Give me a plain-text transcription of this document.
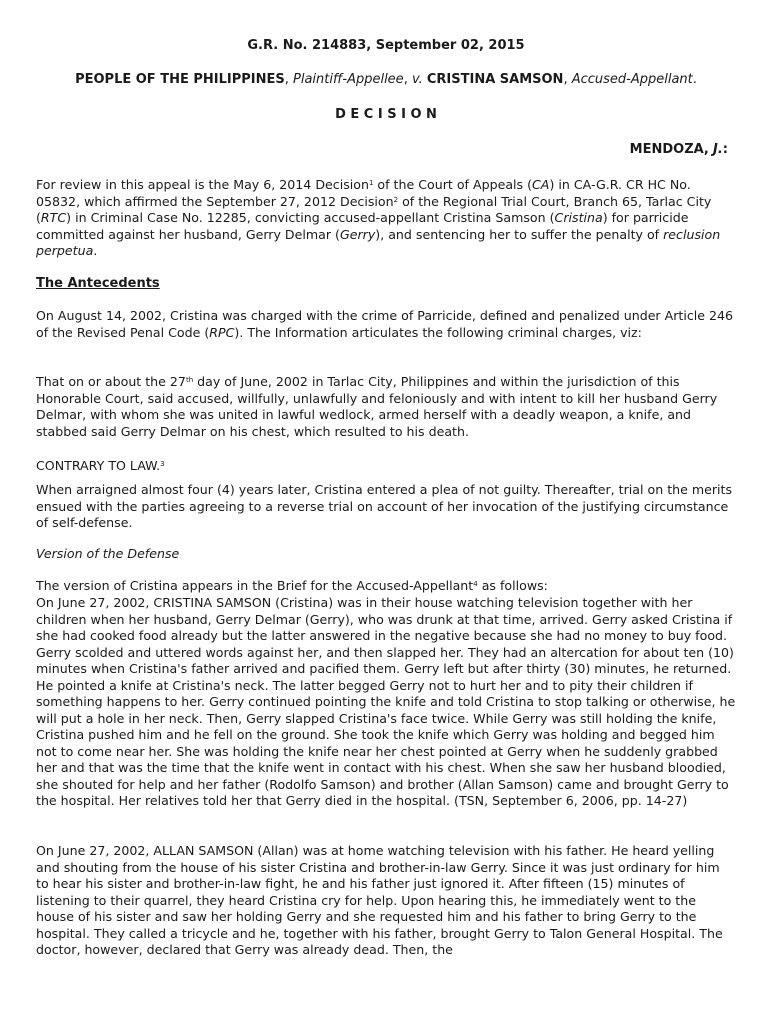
G.R. No. 214883, September 02, 2015
PEOPLE OF THE PHILIPPINES, Plaintiff-Appellee, v. CRISTINA SAMSON, Accused-Appellant.
D E C I S I O N
MENDOZA, J.:

For review in this appeal is the May 6, 2014 Decision$^1$ of the Court of Appeals (CA) in CA-G.R. CR HC No. 05832, which affirmed the September 27, 2012 Decision$^2$ of the Regional Trial Court, Branch 65, Tarlac City (RTC) in Criminal Case No. 12285, convicting accused-appellant Cristina Samson (Cristina) for parricide committed against her husband, Gerry Delmar (Gerry), and sentencing her to suffer the penalty of reclusion perpetua.

The Antecedents

On August 14, 2002, Cristina was charged with the crime of Parricide, defined and penalized under Article 246 of the Revised Penal Code (RPC). The Information articulates the following criminal charges, viz:

That on or about the 27th day of June, 2002 in Tarlac City, Philippines and within the jurisdiction of this Honorable Court, said accused, willfully, unlawfully and feloniously and with intent to kill her husband Gerry Delmar, with whom she was united in lawful wedlock, armed herself with a deadly weapon, a knife, and stabbed said Gerry Delmar on his chest, which resulted to his death.

CONTRARY TO LAW.$^3$

When arraigned almost four (4) years later, Cristina entered a plea of not guilty. Thereafter, trial on the merits ensued with the parties agreeing to a reverse trial on account of her invocation of the justifying circumstance of self-defense.

Version of the Defense

The version of Cristina appears in the Brief for the Accused-Appellant$^4$ as follows:

On June 27, 2002, CRISTINA SAMSON (Cristina) was in their house watching television together with her children when her husband, Gerry Delmar (Gerry), who was drunk at that time, arrived. Gerry asked Cristina if she had cooked food already but the latter answered in the negative because she had no money to buy food. Gerry scolded and uttered words against her, and then slapped her. They had an altercation for about ten (10) minutes when Cristina's father arrived and pacified them. Gerry left but after thirty (30) minutes, he returned. He pointed a knife at Cristina's neck. The latter begged Gerry not to hurt her and to pity their children if something happens to her. Gerry continued pointing the knife and told Cristina to stop talking or otherwise, he will put a hole in her neck. Then, Gerry slapped Cristina's face twice. While Gerry was still holding the knife, Cristina pushed him and he fell on the ground. She took the knife which Gerry was holding and begged him not to come near her. She was holding the knife near her chest pointed at Gerry when he suddenly grabbed her and that was the time that the knife went in contact with his chest. When she saw her husband bloodied, she shouted for help and her father (Rodolfo Samson) and brother (Allan Samson) came and brought Gerry to the hospital. Her relatives told her that Gerry died in the hospital. (TSN, September 6, 2006, pp. 14-27)

On June 27, 2002, ALLAN SAMSON (Allan) was at home watching television with his father. He heard yelling and shouting from the house of his sister Cristina and brother-in-law Gerry. Since it was just ordinary for him to hear his sister and brother-in-law fight, he and his father just ignored it. After fifteen (15) minutes of listening to their quarrel, they heard Cristina cry for help. Upon hearing this, he immediately went to the house of his sister and saw her holding Gerry and she requested him and his father to bring Gerry to the hospital. They called a tricycle and he, together with his father, brought Gerry to Talon General Hospital. The doctor, however, declared that Gerry was already dead. Then, the
